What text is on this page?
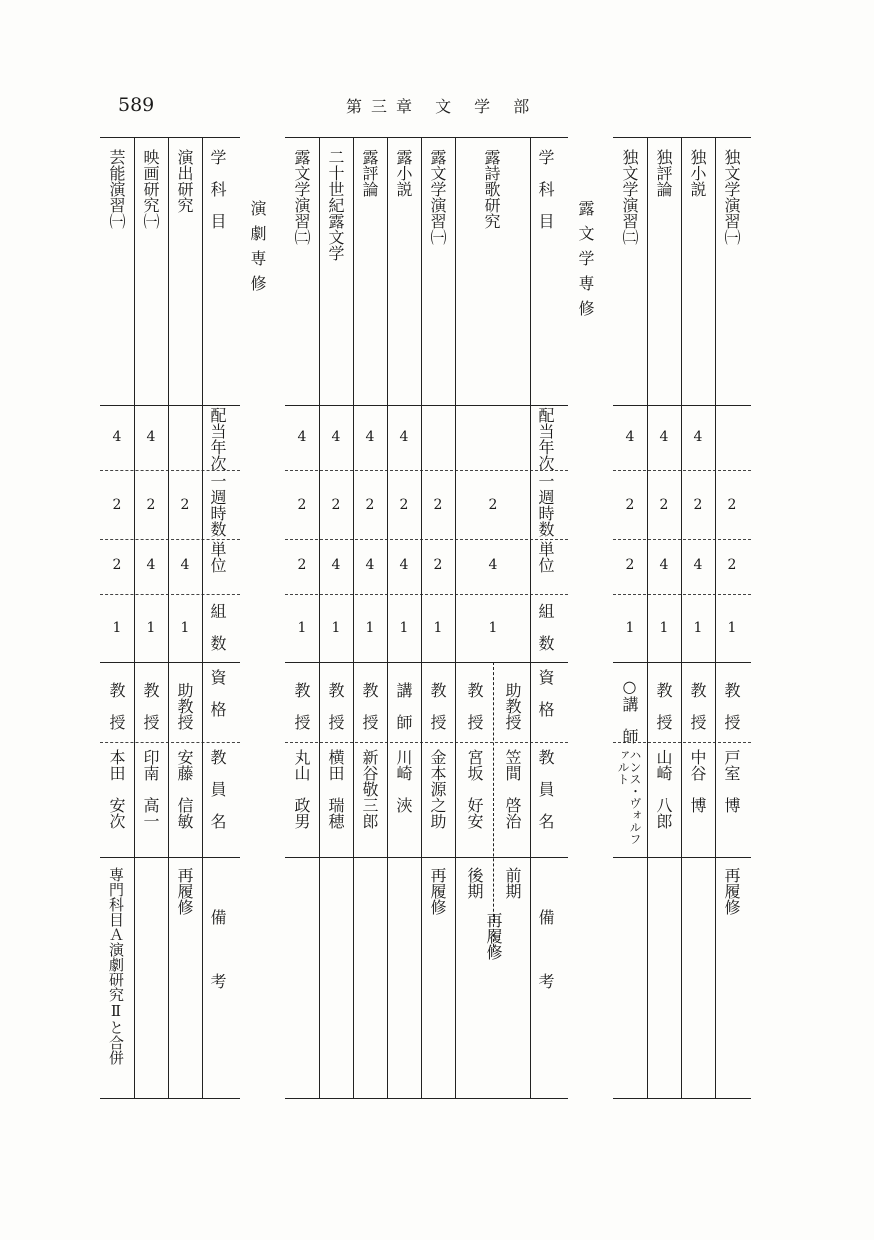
589	第三章 文 学 部
演劇専修	露文学専修
学　科　目
配当年次
一週時数
単位
組　数
資　格
教　員　名
備　　　考
演出研究
2
4
1
助教授
安藤　信敏
再履修
映画研究㈠
4
2
4
1
教　授
印南　高一
芸能演習㈠
4
2
2
1
教　授
本田　安次
専門科目Ａ演劇研究Ⅱと合併
学　科　目
配当年次
一週時数
単位
組　数
資　格
教　員　名
備　　　考
露詩歌研究
2
4
1
助教授
笠間　啓治
前期
教　授
宮坂　好安
後期
再履修
露文学演習㈠
2
2
1
教　授
金本源之助
再履修
露小説
4
2
4
1
講　師
川崎　浹
露評論
4
2
4
1
教　授
新谷敬三郎
二十世紀露文学
4
2
4
1
教　授
横田　瑞穂
露文学演習㈡
4
2
2
1
教　授
丸山　政男
独文学演習㈠
2
2
1
教　授
戸室　博
再履修
独小説
4
2
4
1
教　授
中谷　博
独評論
4
2
4
1
教　授
山崎　八郎
独文学演習㈡
4
2
2
1
○講　師
ハンス・ヴォルファルト
